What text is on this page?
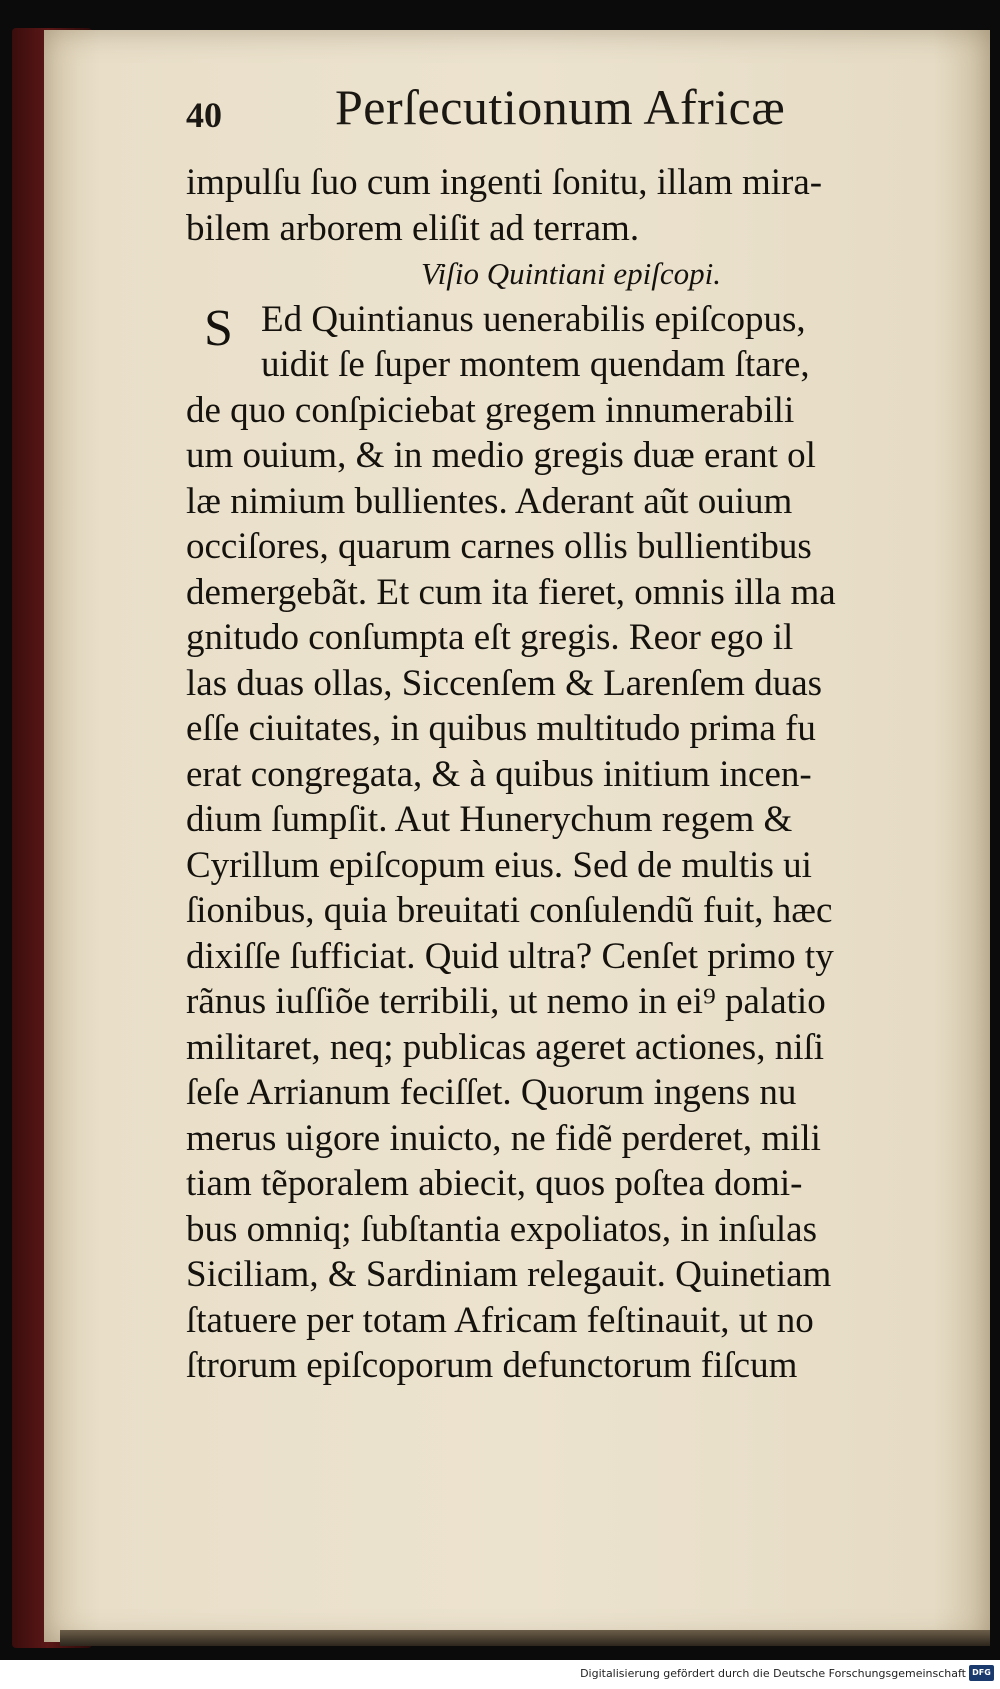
40 Perſecutionum Africæ
S
impulſu ſuo cum ingenti ſonitu, illam mira-
bilem arborem eliſit ad terram.
Viſio Quintiani epiſcopi.
Ed Quintianus uenerabilis epiſcopus,
uidit ſe ſuper montem quendam ſtare,
de quo conſpiciebat gregem innumerabili
um ouium, & in medio gregis duæ erant ol
læ nimium bullientes. Aderant aũt ouium
occiſores, quarum carnes ollis bullientibus
demergebãt. Et cum ita fieret, omnis illa ma
gnitudo conſumpta eſt gregis. Reor ego il
las duas ollas, Siccenſem & Larenſem duas
eſſe ciuitates, in quibus multitudo prima fu
erat congregata, & à quibus initium incen-
dium ſumpſit. Aut Hunerychum regem &
Cyrillum epiſcopum eius. Sed de multis ui
ſionibus, quia breuitati conſulendũ fuit, hæc
dixiſſe ſufficiat. Quid ultra? Cenſet primo ty
rãnus iuſſiõe terribili, ut nemo in ei⁹ palatio
militaret, neq; publicas ageret actiones, niſi
ſeſe Arrianum feciſſet. Quorum ingens nu
merus uigore inuicto, ne fidẽ perderet, mili
tiam tẽporalem abiecit, quos poſtea domi-
bus omniq; ſubſtantia expoliatos, in inſulas
Siciliam, & Sardiniam relegauit. Quinetiam
ſtatuere per totam Africam feſtinauit, ut no
ſtrorum epiſcoporum defunctorum fiſcum
Digitalisierung gefördert durch die Deutsche Forschungsgemeinschaft DFG
